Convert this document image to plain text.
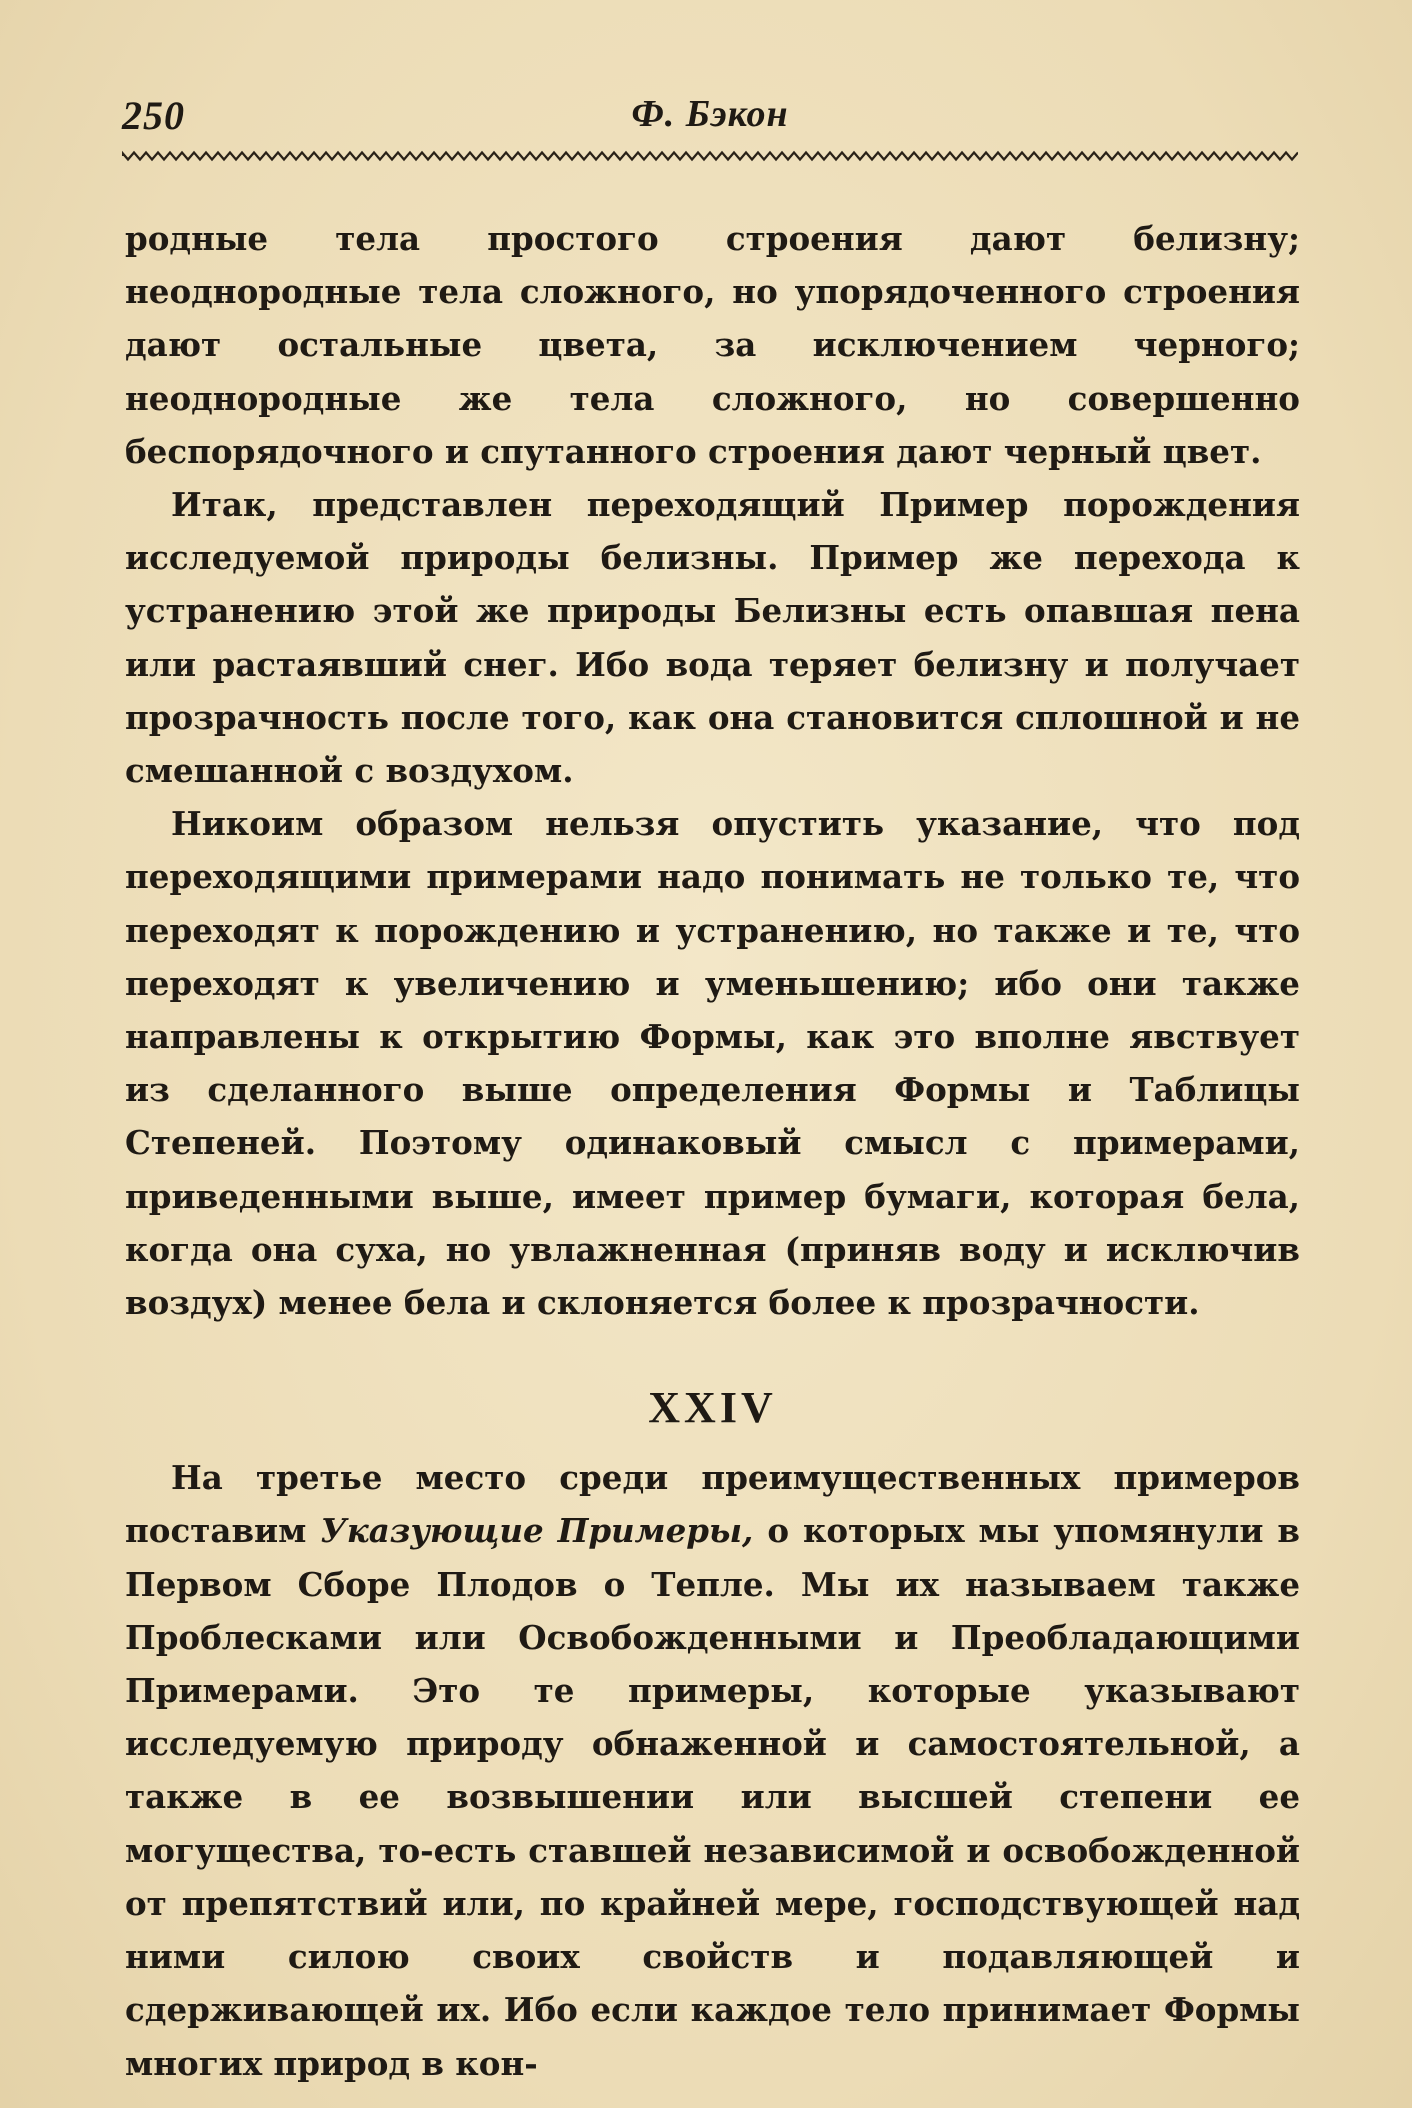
250	Ф. Бэкон

родные тела простого строения дают белизну; неоднородные тела сложного, но упорядоченного строения дают остальные цвета, за исключением черного; неоднородные же тела сложного, но совершенно беспорядочного и спутанного строения дают черный цвет.

Итак, представлен переходящий Пример порождения исследуемой природы белизны. Пример же перехода к устранению этой же природы Белизны есть опавшая пена или растаявший снег. Ибо вода теряет белизну и получает прозрачность после того, как она становится сплошной и не смешанной с воздухом.

Никоим образом нельзя опустить указание, что под переходящими примерами надо понимать не только те, что переходят к порождению и устранению, но также и те, что переходят к увеличению и уменьшению; ибо они также направлены к открытию Формы, как это вполне явствует из сделанного выше определения Формы и Таблицы Степеней. Поэтому одинаковый смысл с примерами, приведенными выше, имеет пример бумаги, которая бела, когда она суха, но увлажненная (приняв воду и исключив воздух) менее бела и склоняется более к прозрачности.

XXIV

На третье место среди преимущественных примеров поставим Указующие Примеры, о которых мы упомянули в Первом Сборе Плодов о Тепле. Мы их называем также Проблесками или Освобожденными и Преобладающими Примерами. Это те примеры, которые указывают исследуемую природу обнаженной и самостоятельной, а также в ее возвышении или высшей степени ее могущества, то-есть ставшей независимой и освобожденной от препятствий или, по крайней мере, господствующей над ними силою своих свойств и подавляющей и сдерживающей их. Ибо если каждое тело принимает Формы многих природ в кон-
